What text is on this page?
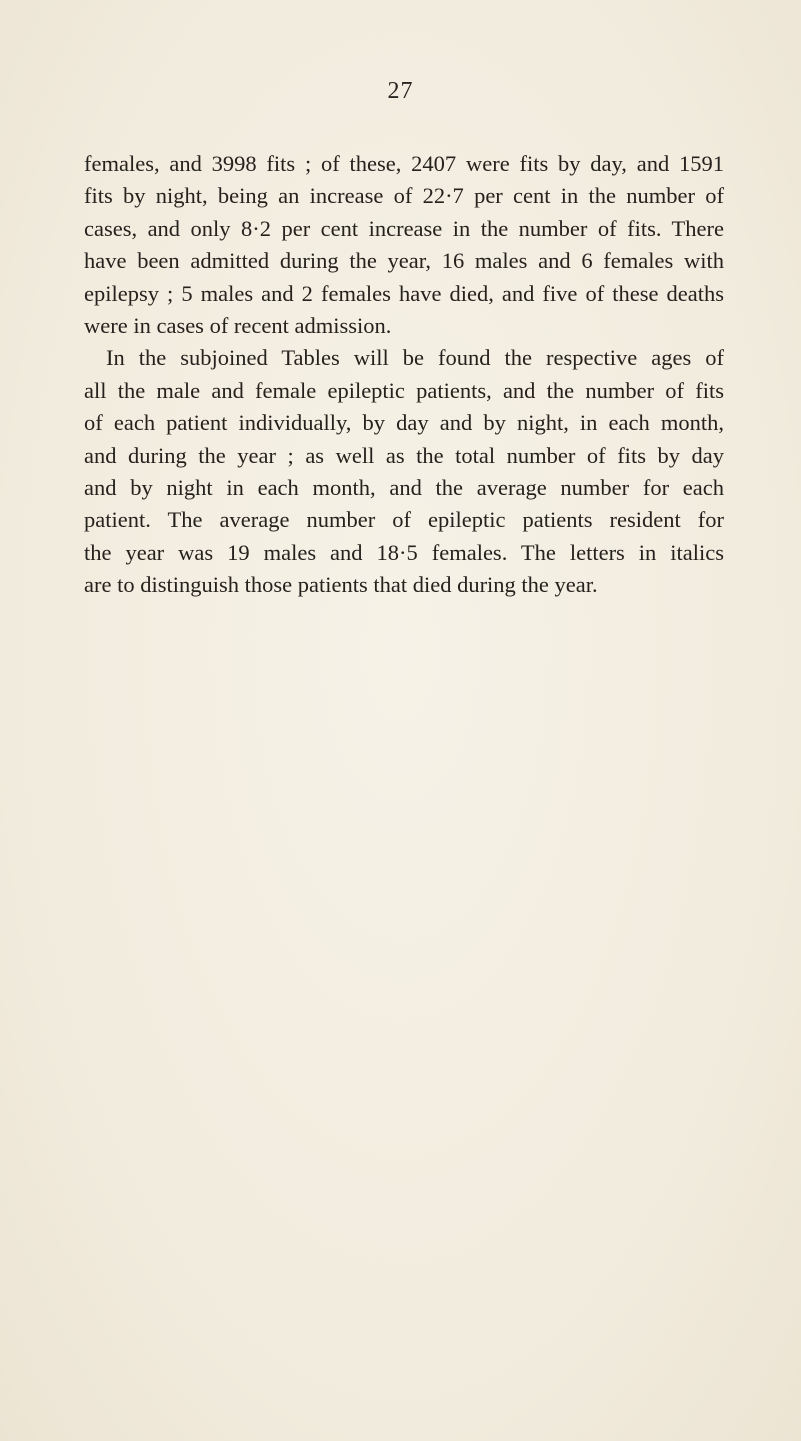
27
females, and 3998 fits ; of these, 2407 were fits by day, and 1591
fits by night, being an increase of 22·7 per cent in the number of
cases, and only 8·2 per cent increase in the number of fits. There
have been admitted during the year, 16 males and 6 females with
epilepsy ; 5 males and 2 females have died, and five of these deaths
were in cases of recent admission.
In the subjoined Tables will be found the respective ages of
all the male and female epileptic patients, and the number of fits
of each patient individually, by day and by night, in each month,
and during the year ; as well as the total number of fits by day
and by night in each month, and the average number for each
patient. The average number of epileptic patients resident for
the year was 19 males and 18·5 females. The letters in italics
are to distinguish those patients that died during the year.
